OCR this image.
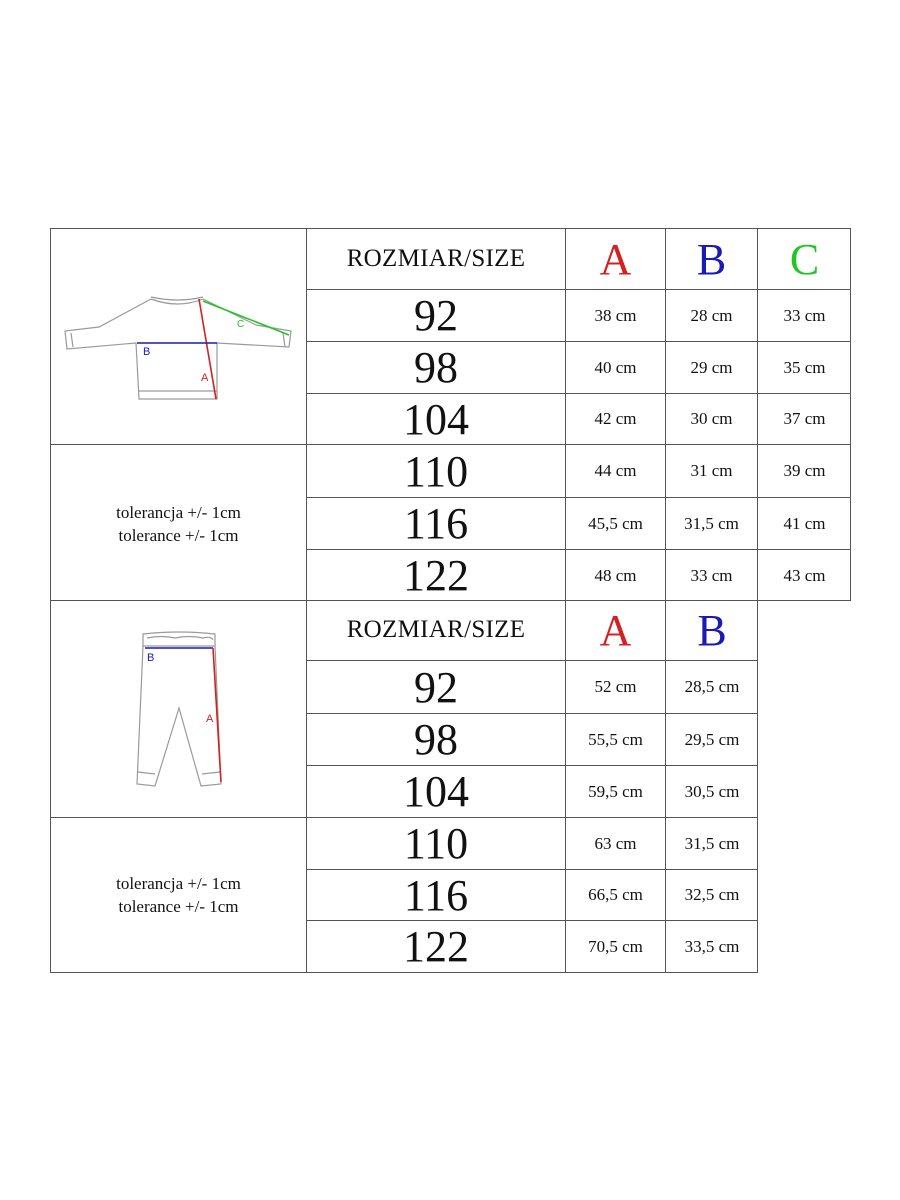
A
B
C
tolerancja +/- 1cm
tolerance +/- 1cm
ROZMIAR/SIZE	A	B	C
92	38 cm	28 cm	33 cm
98	40 cm	29 cm	35 cm
104	42 cm	30 cm	37 cm
110	44 cm	31 cm	39 cm
116	45,5 cm	31,5 cm	41 cm
122	48 cm	33 cm	43 cm
B
A
tolerancja +/- 1cm
tolerance +/- 1cm
ROZMIAR/SIZE	A	B
92	52 cm	28,5 cm
98	55,5 cm	29,5 cm
104	59,5 cm	30,5 cm
110	63 cm	31,5 cm
116	66,5 cm	32,5 cm
122	70,5 cm	33,5 cm
